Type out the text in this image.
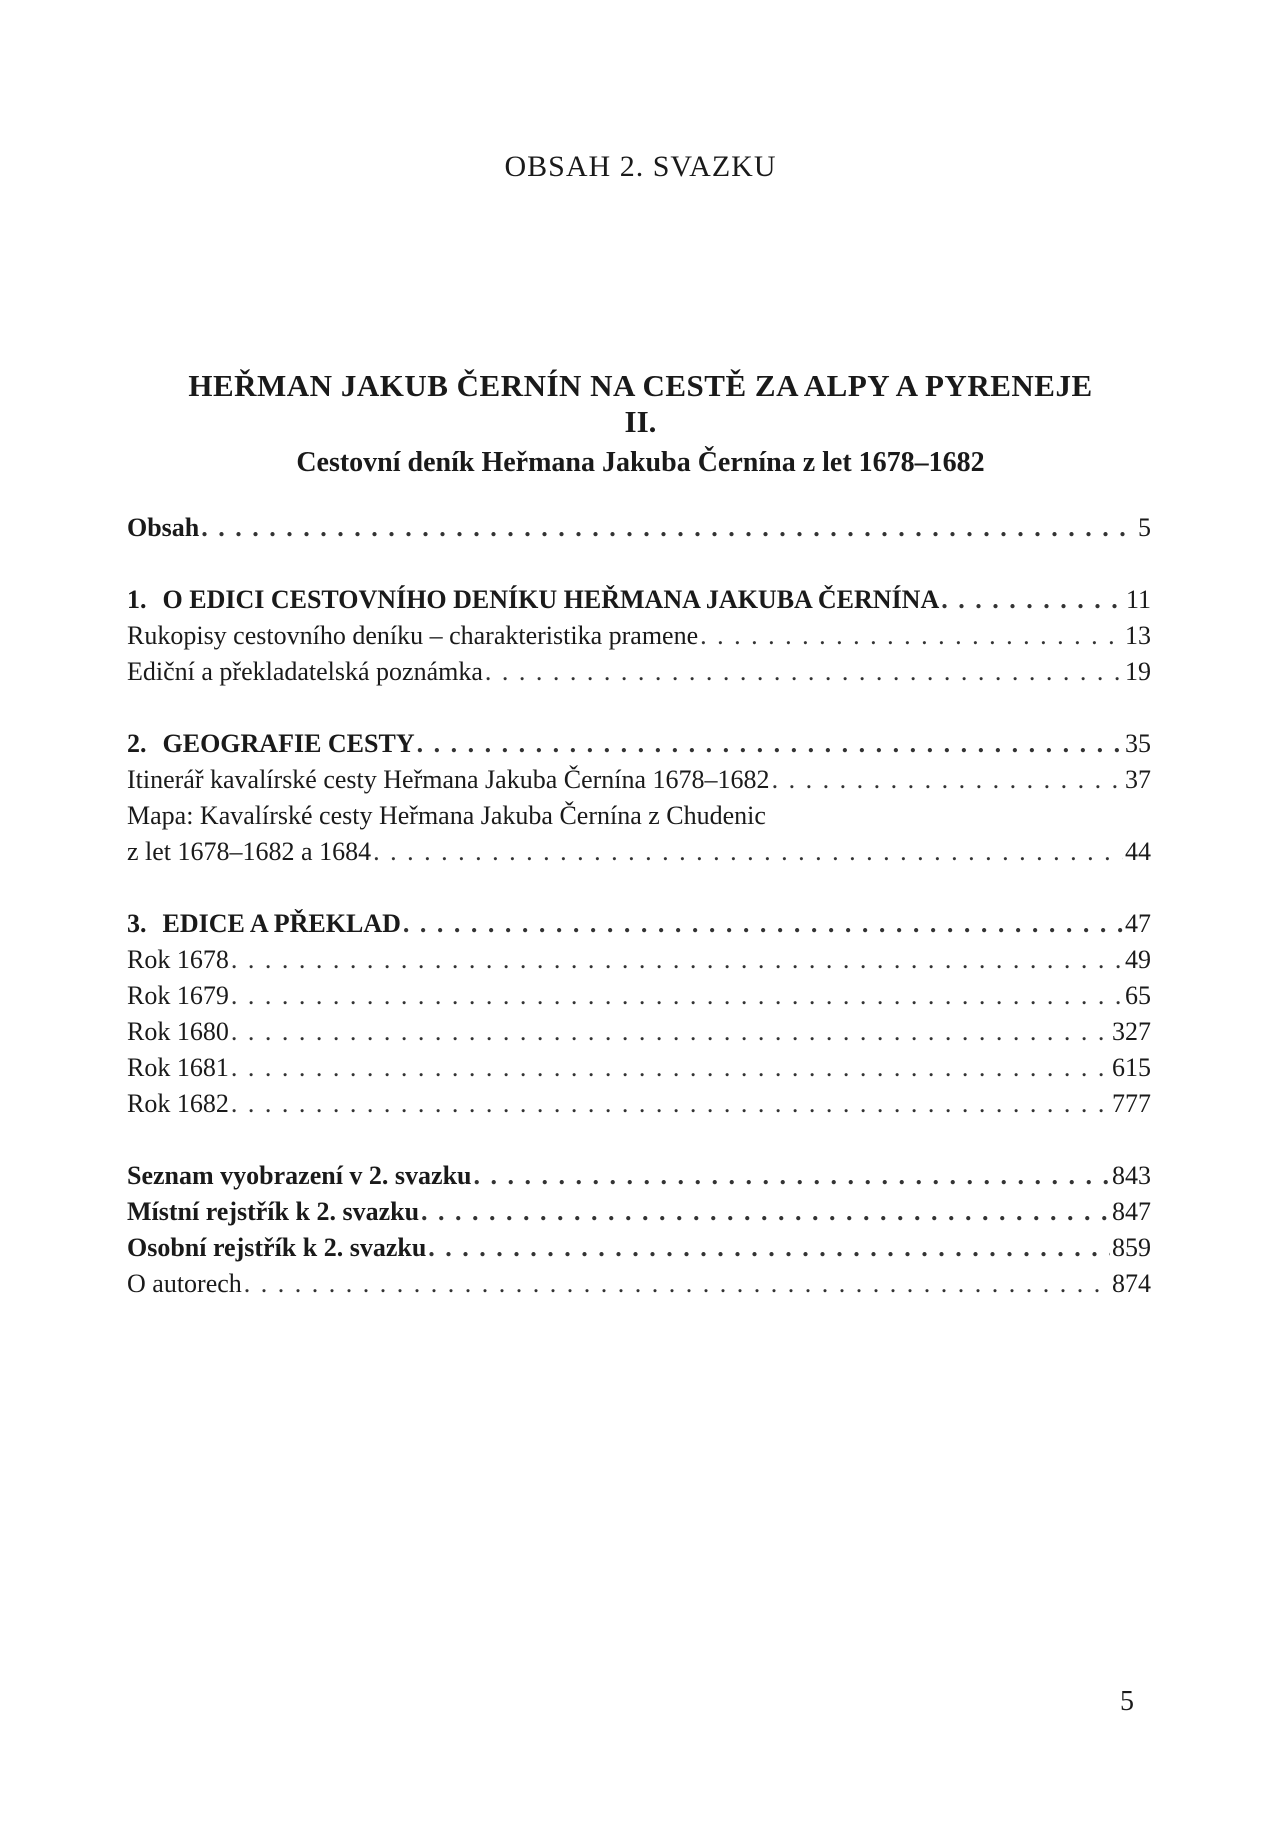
OBSAH 2. SVAZKU
HEŘMAN JAKUB ČERNÍN NA CESTĚ ZA ALPY A PYRENEJE
II.
Cestovní deník Heřmana Jakuba Černína z let 1678–1682
Obsah . . .	5
1. O EDICI CESTOVNÍHO DENÍKU HEŘMANA JAKUBA ČERNÍNA . . .	11
Rukopisy cestovního deníku – charakteristika pramene . . .	13
Ediční a překladatelská poznámka . . .	19
2. GEOGRAFIE CESTY . . .	35
Itinerář kavalírské cesty Heřmana Jakuba Černína 1678–1682 . . .	37
Mapa: Kavalírské cesty Heřmana Jakuba Černína z Chudenic
z let 1678–1682 a 1684 . . .	44
3. EDICE A PŘEKLAD . . .	47
Rok 1678 . . .	49
Rok 1679 . . .	65
Rok 1680 . . .	327
Rok 1681 . . .	615
Rok 1682 . . .	777
Seznam vyobrazení v 2. svazku . . .	843
Místní rejstřík k 2. svazku . . .	847
Osobní rejstřík k 2. svazku . . .	859
O autorech . . .	874
5
